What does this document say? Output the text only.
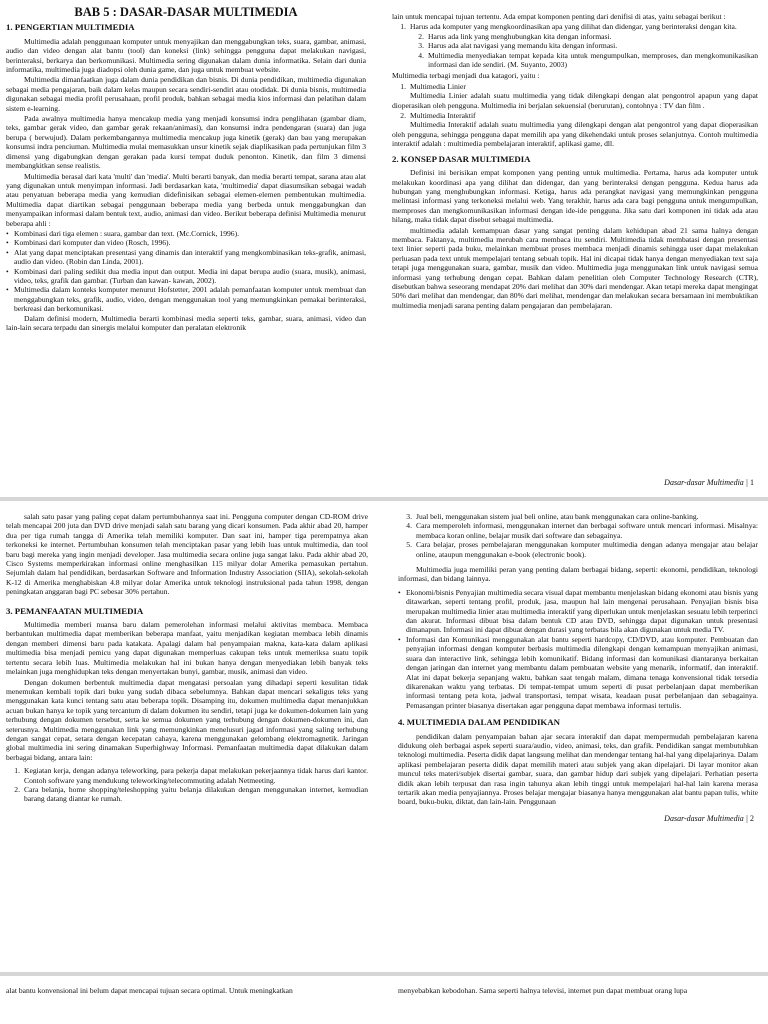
BAB 5 : DASAR-DASAR MULTIMEDIA
1. PENGERTIAN MULTIMEDIA

Multimedia adalah penggunaan komputer untuk menyajikan dan menggabungkan teks, suara, gambar, animasi, audio dan video dengan alat bantu (tool) dan koneksi (link) sehingga pengguna dapat melakukan navigasi, berinteraksi, berkarya dan berkomunikasi. Multimedia sering digunakan dalam dunia informatika. Selain dari dunia informatika, multimedia juga diadopsi oleh dunia game, dan juga untuk membuat website.

Multimedia dimanfaatkan juga dalam dunia pendidikan dan bisnis. Di dunia pendidikan, multimedia digunakan sebagai media pengajaran, baik dalam kelas maupun secara sendiri-sendiri atau otodidak. Di dunia bisnis, multimedia digunakan sebagai media profil perusahaan, profil produk, bahkan sebagai media kios informasi dan pelatihan dalam sistem e-learning.

Pada awalnya multimedia hanya mencakup media yang menjadi konsumsi indra penglihatan (gambar diam, teks, gambar gerak video, dan gambar gerak rekaan/animasi), dan konsumsi indra pendengaran (suara) dan juga berupa ( berwujud). Dalam perkembangannya multimedia mencakup juga kinetik (gerak) dan bau yang merupakan konsumsi indra penciuman. Multimedia mulai memasukkan unsur kinetik sejak diaplikasikan pada pertunjukan film 3 dimensi yang digabungkan dengan gerakan pada kursi tempat duduk penonton. Kinetik, dan film 3 dimensi membangkitkan sense realistis.

Multimedia berasal dari kata 'multi' dan 'media'. Multi berarti banyak, dan media berarti tempat, sarana atau alat yang digunakan untuk menyimpan informasi. Jadi berdasarkan kata, 'multimedia' dapat diasumsikan sebagai wadah atau penyatuan beberapa media yang kemudian didefinisikan sebagai elemen-elemen pembentukan multimedia. Multimedia dapat diartikan sebagai penggunaan beberapa media yang berbeda untuk menggabungkan dan menyampaikan informasi dalam bentuk text, audio, animasi dan video. Berikut beberapa definisi Multimedia menurut beberapa ahli :

• Kombinasi dari tiga elemen : suara, gambar dan text. (Mc.Cornick, 1996).
• Kombinasi dari komputer dan video (Rosch, 1996).
• Alat yang dapat menciptakan presentasi yang dinamis dan interaktif yang mengkombinasikan teks-grafik, animasi, audio dan video. (Robin dan Linda, 2001).
• Kombinasi dari paling sedikit dua media input dan output. Media ini dapat berupa audio (suara, musik), animasi, video, teks, grafik dan gambar. (Turban dan kawan- kawan, 2002).
• Multimedia dalam konteks komputer menurut Hofstetter, 2001 adalah pemanfaatan komputer untuk membuat dan menggabungkan teks, grafik, audio, video, dengan menggunakan tool yang memungkinkan pemakai berinteraksi, berkreasi dan berkomunikasi.

Dalam definisi modern, Multimedia berarti kombinasi media seperti teks, gambar, suara, animasi, video dan lain-lain secara terpadu dan sinergis melalui komputer dan peralatan elektronik

lain untuk mencapai tujuan tertentu. Ada empat komponen penting dari denifisi di atas, yaitu sebagai berikut :

1. Harus ada komputer yang mengkoordinasikan apa yang dilihat dan didengar, yang berinteraksi dengan kita.
2. Harus ada link yang menghubungkan kita dengan informasi.
3. Harus ada alat navigasi yang memandu kita dengan informasi.
4. Multimedia menyediakan tempat kepada kita untuk mengumpulkan, memproses, dan mengkomunikasikan informasi dan ide sendiri. (M. Suyanto, 2003)

Multimedia terbagi menjadi dua katagori, yaitu :

1. Multimedia Linier

Multimedia Linier adalah suatu multimedia yang tidak dilengkapi dengan alat pengontrol apapun yang dapat dioperasikan oleh pengguna. Multimedia ini berjalan sekuensial (berurutan), contohnya : TV dan film .

2. Multimedia Interaktif

Multimedia Interaktif adalah suatu multimedia yang dilengkapi dengan alat pengontrol yang dapat dioperasikan oleh pengguna, sehingga pengguna dapat memilih apa yang dikehendaki untuk proses selanjutnya. Contoh multimedia interaktif adalah : multimedia pembelajaran interaktif, aplikasi game, dll.

2. KONSEP DASAR MULTIMEDIA

Definisi ini berisikan empat komponen yang penting untuk multimedia. Pertama, harus ada komputer untuk melakukan koordinasi apa yang dilihat dan didengar, dan yang berinteraksi dengan pengguna. Kedua harus ada hubungan yang menghubungkan informasi. Ketiga, harus ada perangkat navigasi yang memungkinkan pengguna melintasi informasi yang terkoneksi melalui web. Yang terakhir, harus ada cara bagi pengguna untuk mengumpulkan, memproses dan mengkomunikasikan informasi dengan ide-ide pengguna. Jika satu dari komponen ini tidak ada atau hilang, maka tidak dapat disebut sebagai multimedia.

multimedia adalah kemampuan dasar yang sangat penting dalam kehidupan abad 21 sama halnya dengan membaca. Faktanya, multimedia merubah cara membaca itu sendiri. Multimedia tidak membatasi dengan presentasi text linier seperti pada buku, melainkan membuat proses membaca menjadi dinamis sehingga user dapat melakukan perluasan pada text untuk mempelajari tentang sebuah topik. Hal ini dicapai tidak hanya dengan menyediakan text saja tetapi juga menggunakan suara, gambar, musik dan video. Multimedia juga menggunakan link untuk navigasi semua informasi yang terhubung dengan cepat. Bahkan dalam penelitian oleh Computer Technology Research (CTR), disebutkan bahwa seseorang mendapat 20% dari melihat dan 30% dari mendengar. Akan tetapi mereka dapat mengingat 50% dari melihat dan mendengar, dan 80% dari melihat, mendengar dan melakukan secara bersamaan ini membuktikan multimedia menjadi sarana penting dalam pengajaran dan pembelajaran.

Dasar-dasar Multimedia | 1

salah satu pasar yang paling cepat dalam pertumbuhannya saat ini. Pengguna computer dengan CD-ROM drive telah mencapai 200 juta dan DVD drive menjadi salah satu barang yang dicari konsumen. Pada akhir abad 20, hamper dua per tiga rumah tangga di Amerika telah memiliki komputer. Dan saat ini, hamper tiga perempatnya akan terkoneksi ke internet. Pertumbuhan konsumen telah menciptakan pasar yang lebih luas untuk multimedia, dan tool baru bagi mereka yang ingin menjadi developer. Jasa multimedia secara online juga sangat laku. Pada akhir abad 20, Cisco Systems memperkirakan informasi online menghasilkan 115 milyar dolar Amerika pemasukan pertahun. Sejumlah dalam hal pendidikan, berdasarkan Software and Information Industry Association (SIIA), sekolah-sekolah K-12 di Amerika menghabiskan 4.8 milyar dolar Amerika untuk teknologi instruksional pada tahun 1998, dengan peningkatan anggaran bagi PC sebesar 30% pertahun.

3. PEMANFAATAN MULTIMEDIA

Multimedia memberi nuansa baru dalam pemerolehan informasi melalui aktivitas membaca. Membaca berbantukan multimedia dapat memberikan beberapa manfaat, yaitu menjadikan kegiatan membaca lebih dinamis dengan memberi dimensi baru pada katakata. Apalagi dalam hal penyampaian makna, kata-kata dalam aplikasi multimedia bisa menjadi pemicu yang dapat digunakan memperluas cakupan teks untuk memeriksa suatu topik tertentu secara lebih luas. Multimedia melakukan hal ini bukan hanya dengan menyediakan lebih banyak teks melainkan juga menghidupkan teks dengan menyertakan bunyi, gambar, musik, animasi dan video.

Dengan dokumen berbentuk multimedia dapat mengatasi persoalan yang dihadapi seperti kesulitan tidak menemukan kembali topik dari buku yang sudah dibaca sebelumnya. Bahkan dapat mencari sekaligus teks yang menggunakan kata kunci tentang satu atau beberapa topik. Disamping itu, dokumen multimedia dapat menanjukkan acuan bukan hanya ke topik yang tercantum di dalam dokumen itu sendiri, tetapi juga ke dokumen-dokumen lain yang terhubung dengan dokumen tersebut, serta ke semua dokumen yang terhubung dengan dokumen-dokumen ini, dan seterusnya. Multimedia menggunakan link yang memungkinkan menelusuri jagad informasi yang saling terhubung dengan sangat cepat, setara dengan kecepatan cahaya, karena menggunakan gelombang elektromagnetik. Jaringan global multimedia ini sering dinamakan Superhighway Informasi. Pemanfaatan multimedia dapat dilakukan dalam berbagai bidang, antara lain:

1. Kegiatan kerja, dengan adanya teleworking, para pekerja dapat melakukan pekerjaannya tidak harus dari kantor. Contoh software yang mendukung teleworking/telecommuting adalah Netmeeting.
2. Cara belanja, home shopping/teleshopping yaitu belanja dilakukan dengan menggunakan internet, kemudian barang datang diantar ke rumah.
3. Jual beli, menggunakan sistem jual beli online, atau bank menggunakan cara online-banking.
4. Cara memperoleh informasi, menggunakan internet dan berbagai software untuk mencari informasi. Misalnya: membaca koran online, belajar musik dari software dan sebagainya.
5. Cara belajar, proses pembelajaran menggunakan komputer multimedia dengan adanya mengajar atau belajar online, ataupun menggunakan e-book (electronic book).

Multimedia juga memiliki peran yang penting dalam berbagai bidang, seperti: ekonomi, pendidikan, teknologi informasi, dan bidang lainnya.

• Ekonomi/bisnis Penyajian multimedia secara visual dapat membantu menjelaskan bidang ekonomi atau bisnis yang ditawarkan, seperti tentang profil, produk, jasa, maupun hal lain mengenai perusahaan. Penyajian bisnis bisa merupakan multimedia linier atau multimedia interaktif yang diperlukan untuk menjelaskan sesuatu lebih terperinci dan akurat. Informasi dibuat bisa dalam bentuk CD atau DVD, sehingga dapat digunakan untuk presentasi dimanapun. Informasi ini dapat dibuat dengan durasi yang terbatas bila akan digunakan untuk media TV.
• Informasi dan Komunikasi menggunakan alat bantu seperti hardcopy, CD/DVD, atau komputer. Pembuatan dan penyajian informasi dengan komputer berbasis multimedia dilengkapi dengan kemampuan menyajikan animasi, suara dan interactive link, sehingga lebih komunikatif. Bidang informasi dan komunikasi diantaranya berkaitan dengan jaringan dan internet yang membantu dalam pembuatan website yang menarik, informatif, dan interaktif. Alat ini dapat bekerja sepanjang waktu, bahkan saat tengah malam, dimana tenaga konvensional tidak tersedia dikarenakan waktu yang terbatas. Di tempat-tempat umum seperti di pusat perbelanjaan dapat memberikan informasi tentang peta kota, jadwal transportasi, tempat wisata, keadaan pusat perbelanjaan dan sebagainya. Pemasangan printer biasanya disertakan agar pengguna dapat membawa informasi tertulis.
4. MULTIMEDIA DALAM PENDIDIKAN

pendidikan dalam penyampaian bahan ajar secara interaktif dan dapat mempermudah pembelajaran karena didukung oleh berbagai aspek seperti suara/audio, video, animasi, teks, dan grafik. Pendidikan sangat membutuhkan teknologi multimedia. Peserta didik dapat langsung melihat dan mendengar tentang hal-hal yang dipelajarinya. Dalam aplikasi pembelajaran peserta didik dapat memilih materi atau subjek yang akan dipelajari. Di layar monitor akan muncul teks materi/subjek disertai gambar, suara, dan gambar hidup dari subjek yang dipelajari. Perhatian peserta didik akan lebih terpusat dan rasa ingin tahunya akan lebih tinggi untuk mempelajari hal-hal lain karena merasa tertarik akan media penyajiannya. Proses belajar mengajar biasanya hanya menggunakan alat bantu papan tulis, white board, buku-buku, diktat, dan lain-lain. Penggunaan

Dasar-dasar Multimedia | 2

alat bantu konvensional ini belum dapat mencapai tujuan secara optimal. Untuk meningkatkan	menyebabkan kebodohan. Sama seperti halnya televisi, internet pun dapat membuat orang lupa
